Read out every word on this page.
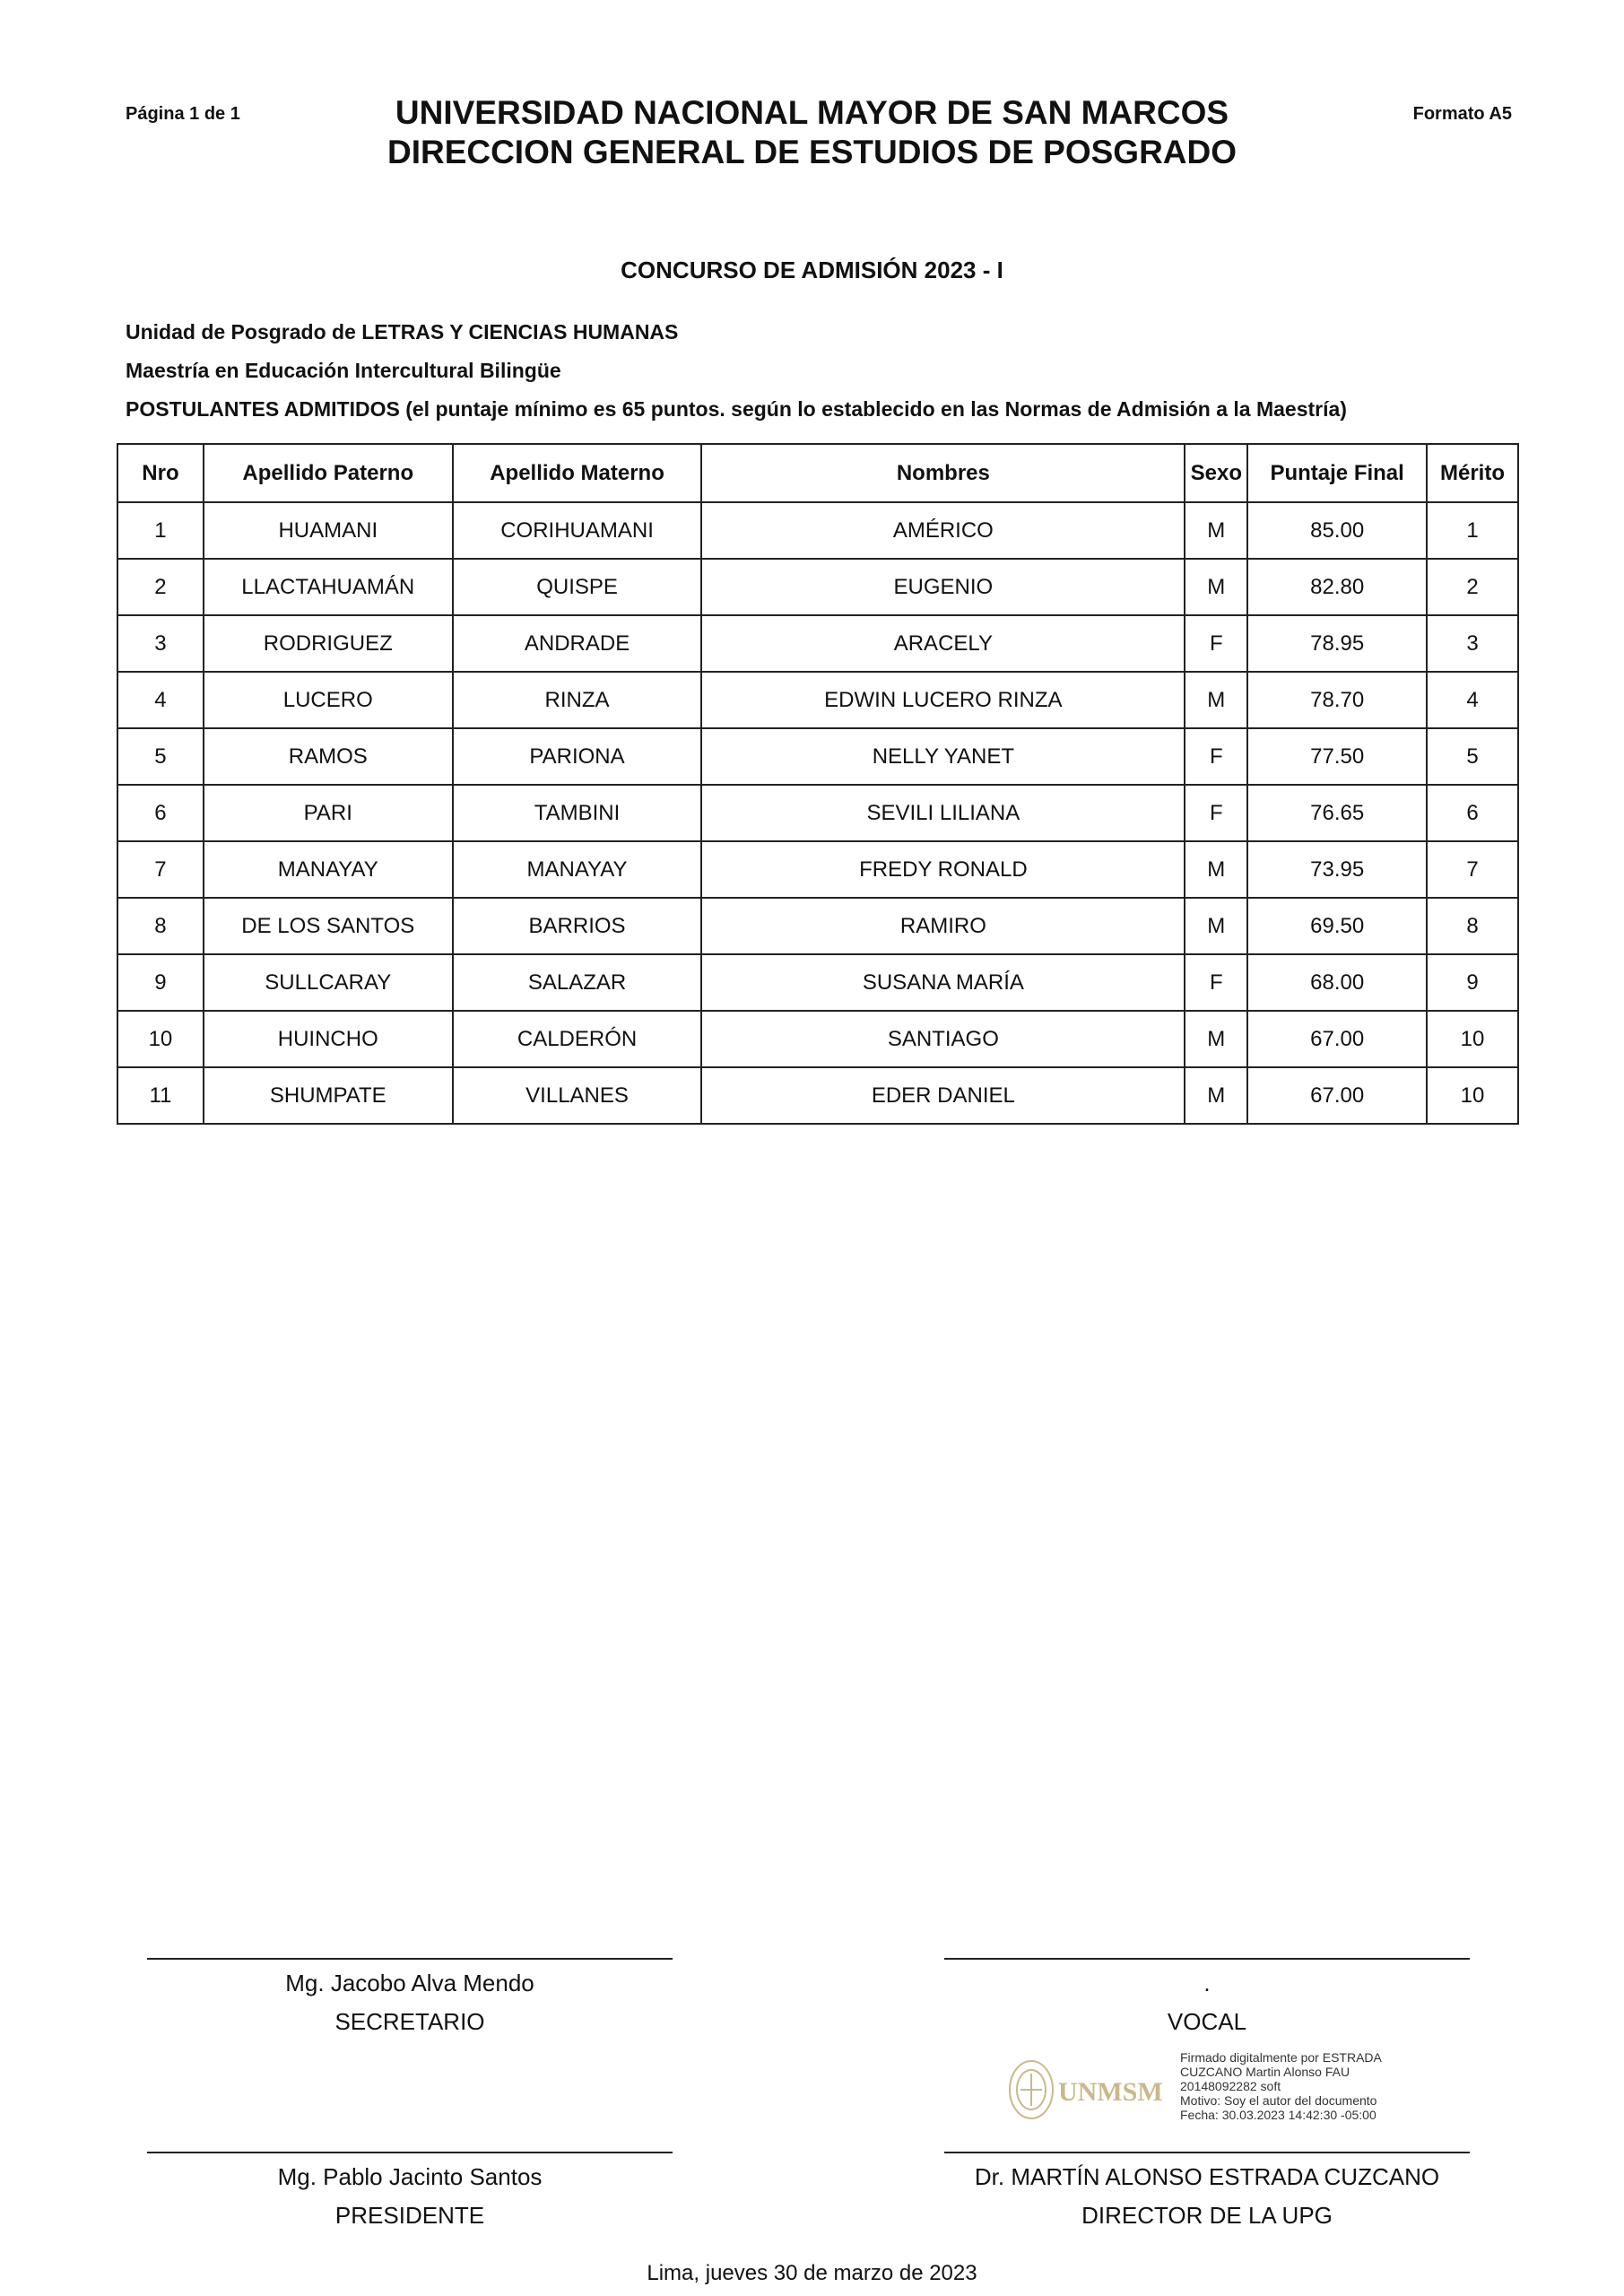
Página 1 de 1	Formato A5
UNIVERSIDAD NACIONAL MAYOR DE SAN MARCOS
DIRECCION GENERAL DE ESTUDIOS DE POSGRADO
CONCURSO DE ADMISIÓN 2023 - I
Unidad de Posgrado de LETRAS Y CIENCIAS HUMANAS
Maestría en Educación Intercultural Bilingüe
POSTULANTES ADMITIDOS (el puntaje mínimo es 65 puntos. según lo establecido en las Normas de Admisión a la Maestría)
Nro	Apellido Paterno	Apellido Materno	Nombres	Sexo	Puntaje Final	Mérito
1	HUAMANI	CORIHUAMANI	AMÉRICO	M	85.00	1
2	LLACTAHUAMÁN	QUISPE	EUGENIO	M	82.80	2
3	RODRIGUEZ	ANDRADE	ARACELY	F	78.95	3
4	LUCERO	RINZA	EDWIN LUCERO RINZA	M	78.70	4
5	RAMOS	PARIONA	NELLY YANET	F	77.50	5
6	PARI	TAMBINI	SEVILI LILIANA	F	76.65	6
7	MANAYAY	MANAYAY	FREDY RONALD	M	73.95	7
8	DE LOS SANTOS	BARRIOS	RAMIRO	M	69.50	8
9	SULLCARAY	SALAZAR	SUSANA MARÍA	F	68.00	9
10	HUINCHO	CALDERÓN	SANTIAGO	M	67.00	10
11	SHUMPATE	VILLANES	EDER DANIEL	M	67.00	10
Mg. Jacobo Alva Mendo
SECRETARIO
.
VOCAL
UNMSM
Firmado digitalmente por ESTRADA
CUZCANO Martin Alonso FAU
20148092282 soft
Motivo: Soy el autor del documento
Fecha: 30.03.2023 14:42:30 -05:00
Mg. Pablo Jacinto Santos
PRESIDENTE
Dr. MARTÍN ALONSO ESTRADA CUZCANO
DIRECTOR DE LA UPG
Lima, jueves 30 de marzo de 2023
